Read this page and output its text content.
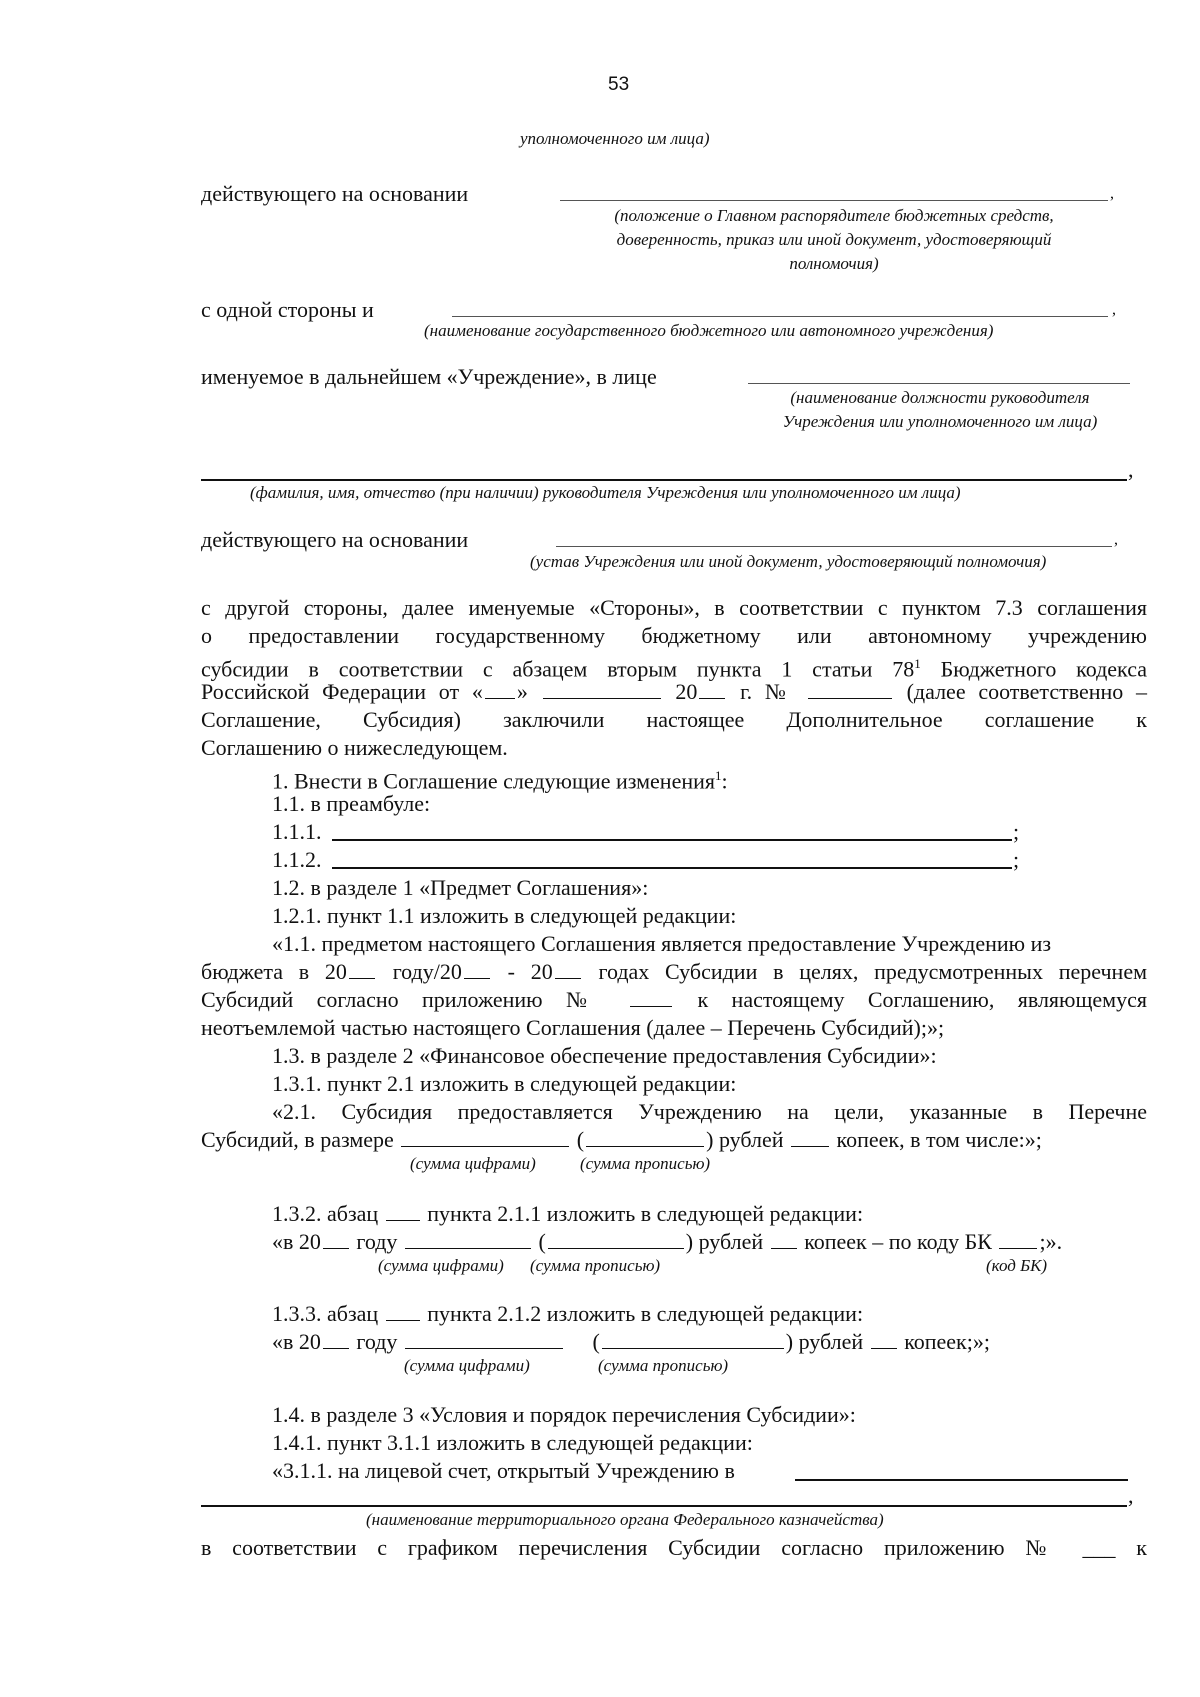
53
уполномоченного им лица)
действующего на основании	,
(положение о Главном распорядителе бюджетных средств,
доверенность, приказ или иной документ, удостоверяющий
полномочия)
с одной стороны и	,
(наименование государственного бюджетного или автономного учреждения)
именуемое в дальнейшем «Учреждение», в лице
(наименование должности руководителя
Учреждения или уполномоченного им лица)
,
(фамилия, имя, отчество (при наличии) руководителя Учреждения или уполномоченного им лица)
действующего на основании	,
(устав Учреждения или иной документ, удостоверяющий полномочия)
с другой стороны, далее именуемые «Стороны», в соответствии с пунктом 7.3 соглашения
о предоставлении государственному бюджетному или автономному учреждению
субсидии в соответствии с абзацем вторым пункта 1 статьи $78^1$ Бюджетного кодекса
Российской Федерации от « »	20 г. №	(далее соответственно –
Соглашение, Субсидия) заключили настоящее Дополнительное соглашение к
Соглашению о нижеследующем.
1. Внести в Соглашение следующие изменения$^1$:
1.1. в преамбуле:
1.1.1.	;
1.1.2.	;
1.2. в разделе 1 «Предмет Соглашения»:
1.2.1. пункт 1.1 изложить в следующей редакции:
«1.1. предметом настоящего Соглашения является предоставление Учреждению из
бюджета в 20 году/20 - 20 годах Субсидии в целях, предусмотренных перечнем
Субсидий согласно приложению №  к настоящему Соглашению, являющемуся
неотъемлемой частью настоящего Соглашения (далее – Перечень Субсидий);»;
1.3. в разделе 2 «Финансовое обеспечение предоставления Субсидии»:
1.3.1. пункт 2.1 изложить в следующей редакции:
«2.1. Субсидия предоставляется Учреждению на цели, указанные в Перечне
Субсидий, в размере	(	) рублей  копеек, в том числе:»;
(сумма цифрами)	(сумма прописью)
1.3.2. абзац  пункта 2.1.1 изложить в следующей редакции:
«в 20 году	(	) рублей  копеек – по коду БК ;».
(сумма цифрами) (сумма прописью)	(код БК)
1.3.3. абзац  пункта 2.1.2 изложить в следующей редакции:
«в 20 году	(	) рублей  копеек;»;
(сумма цифрами)	(сумма прописью)
1.4. в разделе 3 «Условия и порядок перечисления Субсидии»:
1.4.1. пункт 3.1.1 изложить в следующей редакции:
«3.1.1. на лицевой счет, открытый Учреждению в
,
(наименование территориального органа Федерального казначейства)
в соответствии с графиком перечисления Субсидии согласно приложению № ___ к
